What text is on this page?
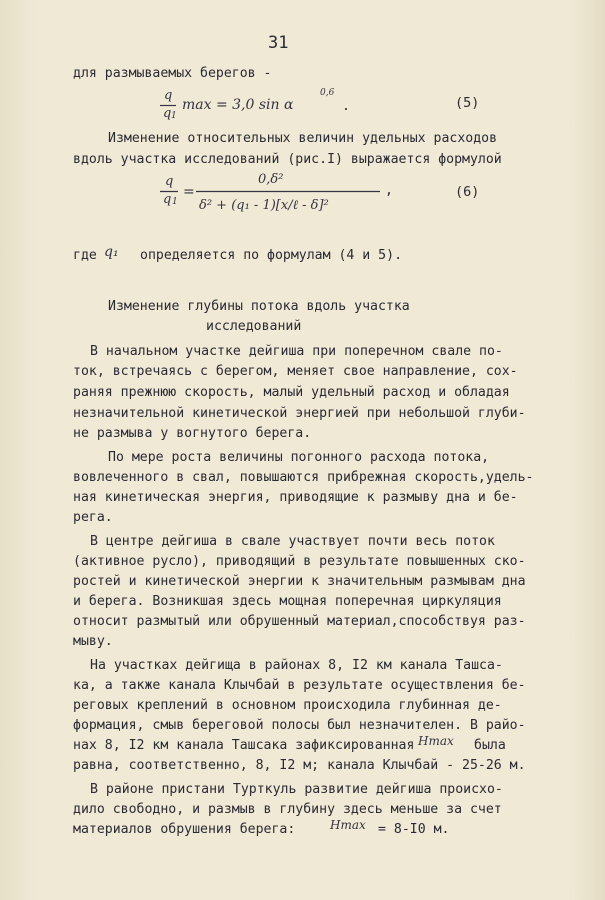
31
для размываемых берегов -
q
q 1
max = 3,0 sin α
0,6
.	(5)
Изменение относительных величин удельных расходов
вдоль участка исследований (рис.I) выражается формулой
q
q 1
=
0,δ²
δ² + (q₁ - 1)[x/ℓ - δ]²
,	(6)
где q₁ определяется по формулам (4 и 5).
Изменение глубины потока вдоль участка
исследований
В начальном участке дейгиша при поперечном свале по-
ток, встречаясь с берегом, меняет свое направление, сох-
раняя прежнюю скорость, малый удельный расход и обладая
незначительной кинетической энергией при небольшой глуби-
не размыва у вогнутого берега.
По мере роста величины погонного расхода потока,
вовлеченного в свал, повышаются прибрежная скорость,удель-
ная кинетическая энергия, приводящие к размыву дна и бе-
рега.
В центре дейгиша в свале участвует почти весь поток
(активное русло), приводящий в результате повышенных ско-
ростей и кинетической энергии к значительным размывам дна
и берега. Возникшая здесь мощная поперечная циркуляция
относит размытый или обрушенный материал,способствуя раз-
мыву.
На участках дейгища в районах 8, I2 км канала Ташса-
ка, а также канала Клычбай в результате осуществления бе-
реговых креплений в основном происходила глубинная де-
формация, смыв береговой полосы был незначителен. В райо-
нах 8, I2 км канала Ташсака зафиксированная Hmax была
равна, соответственно, 8, I2 м; канала Клычбай - 25-26 м.
В районе пристани Турткуль развитие дейгиша происхо-
дило свободно, и размыв в глубину здесь меньше за счет
материалов обрушения берега:	Hmax = 8-I0 м.
